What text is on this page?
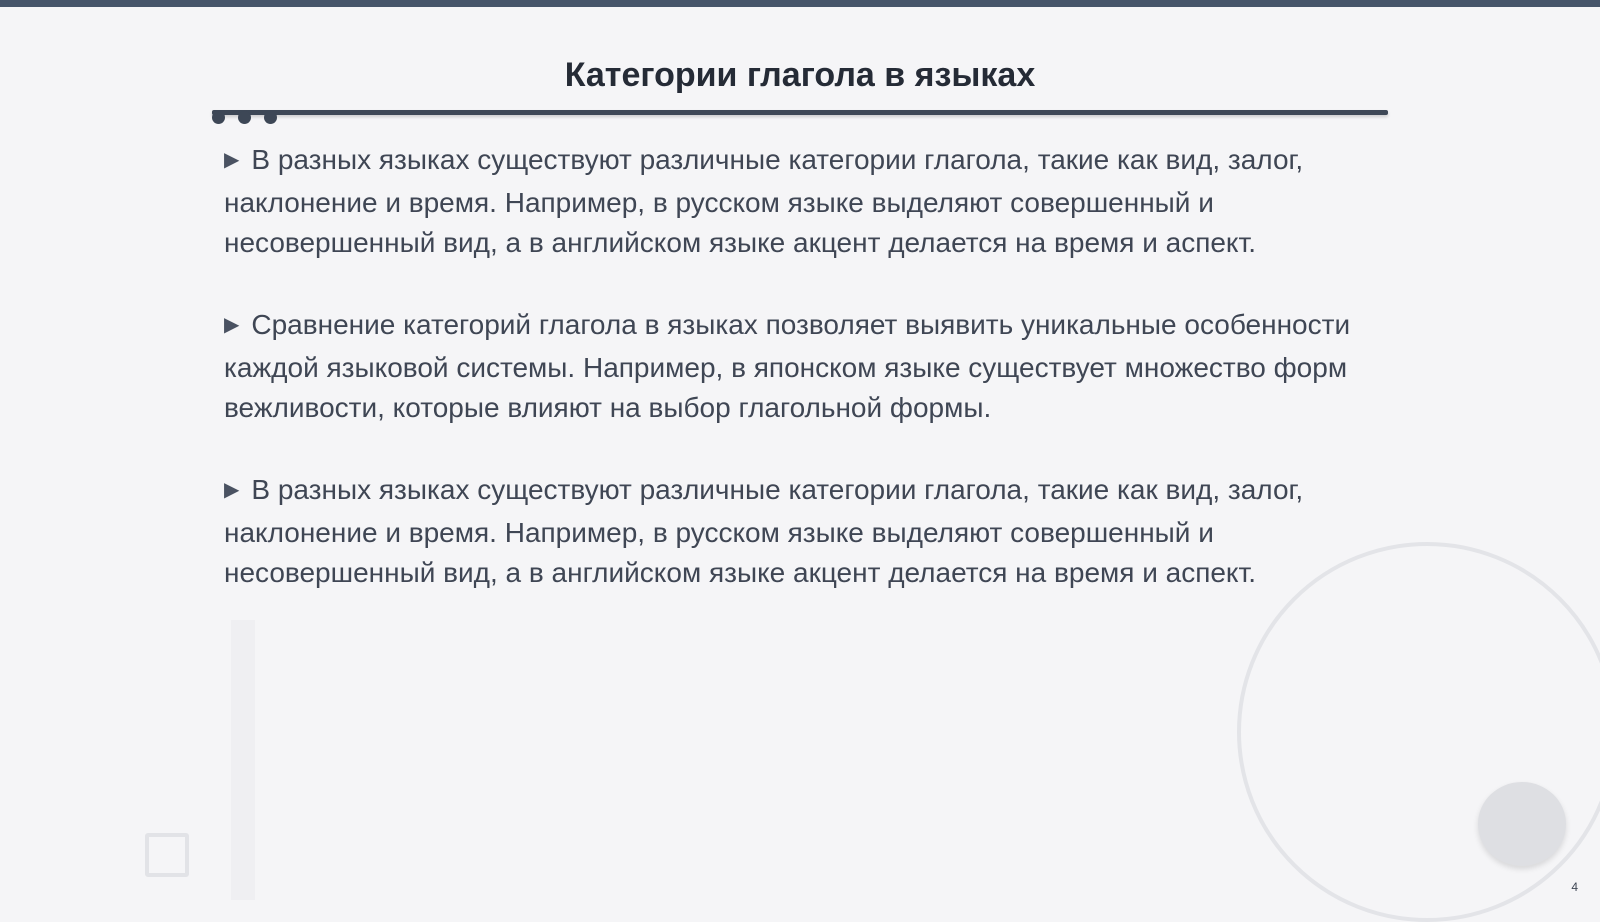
Категории глагола в языках

▶ В разных языках существуют различные категории глагола, такие как вид, залог, наклонение и время. Например, в русском языке выделяют совершенный и несовершенный вид, а в английском языке акцент делается на время и аспект.

▶ Сравнение категорий глагола в языках позволяет выявить уникальные особенности каждой языковой системы. Например, в японском языке существует множество форм вежливости, которые влияют на выбор глагольной формы.

▶ В разных языках существуют различные категории глагола, такие как вид, залог, наклонение и время. Например, в русском языке выделяют совершенный и несовершенный вид, а в английском языке акцент делается на время и аспект.

4
